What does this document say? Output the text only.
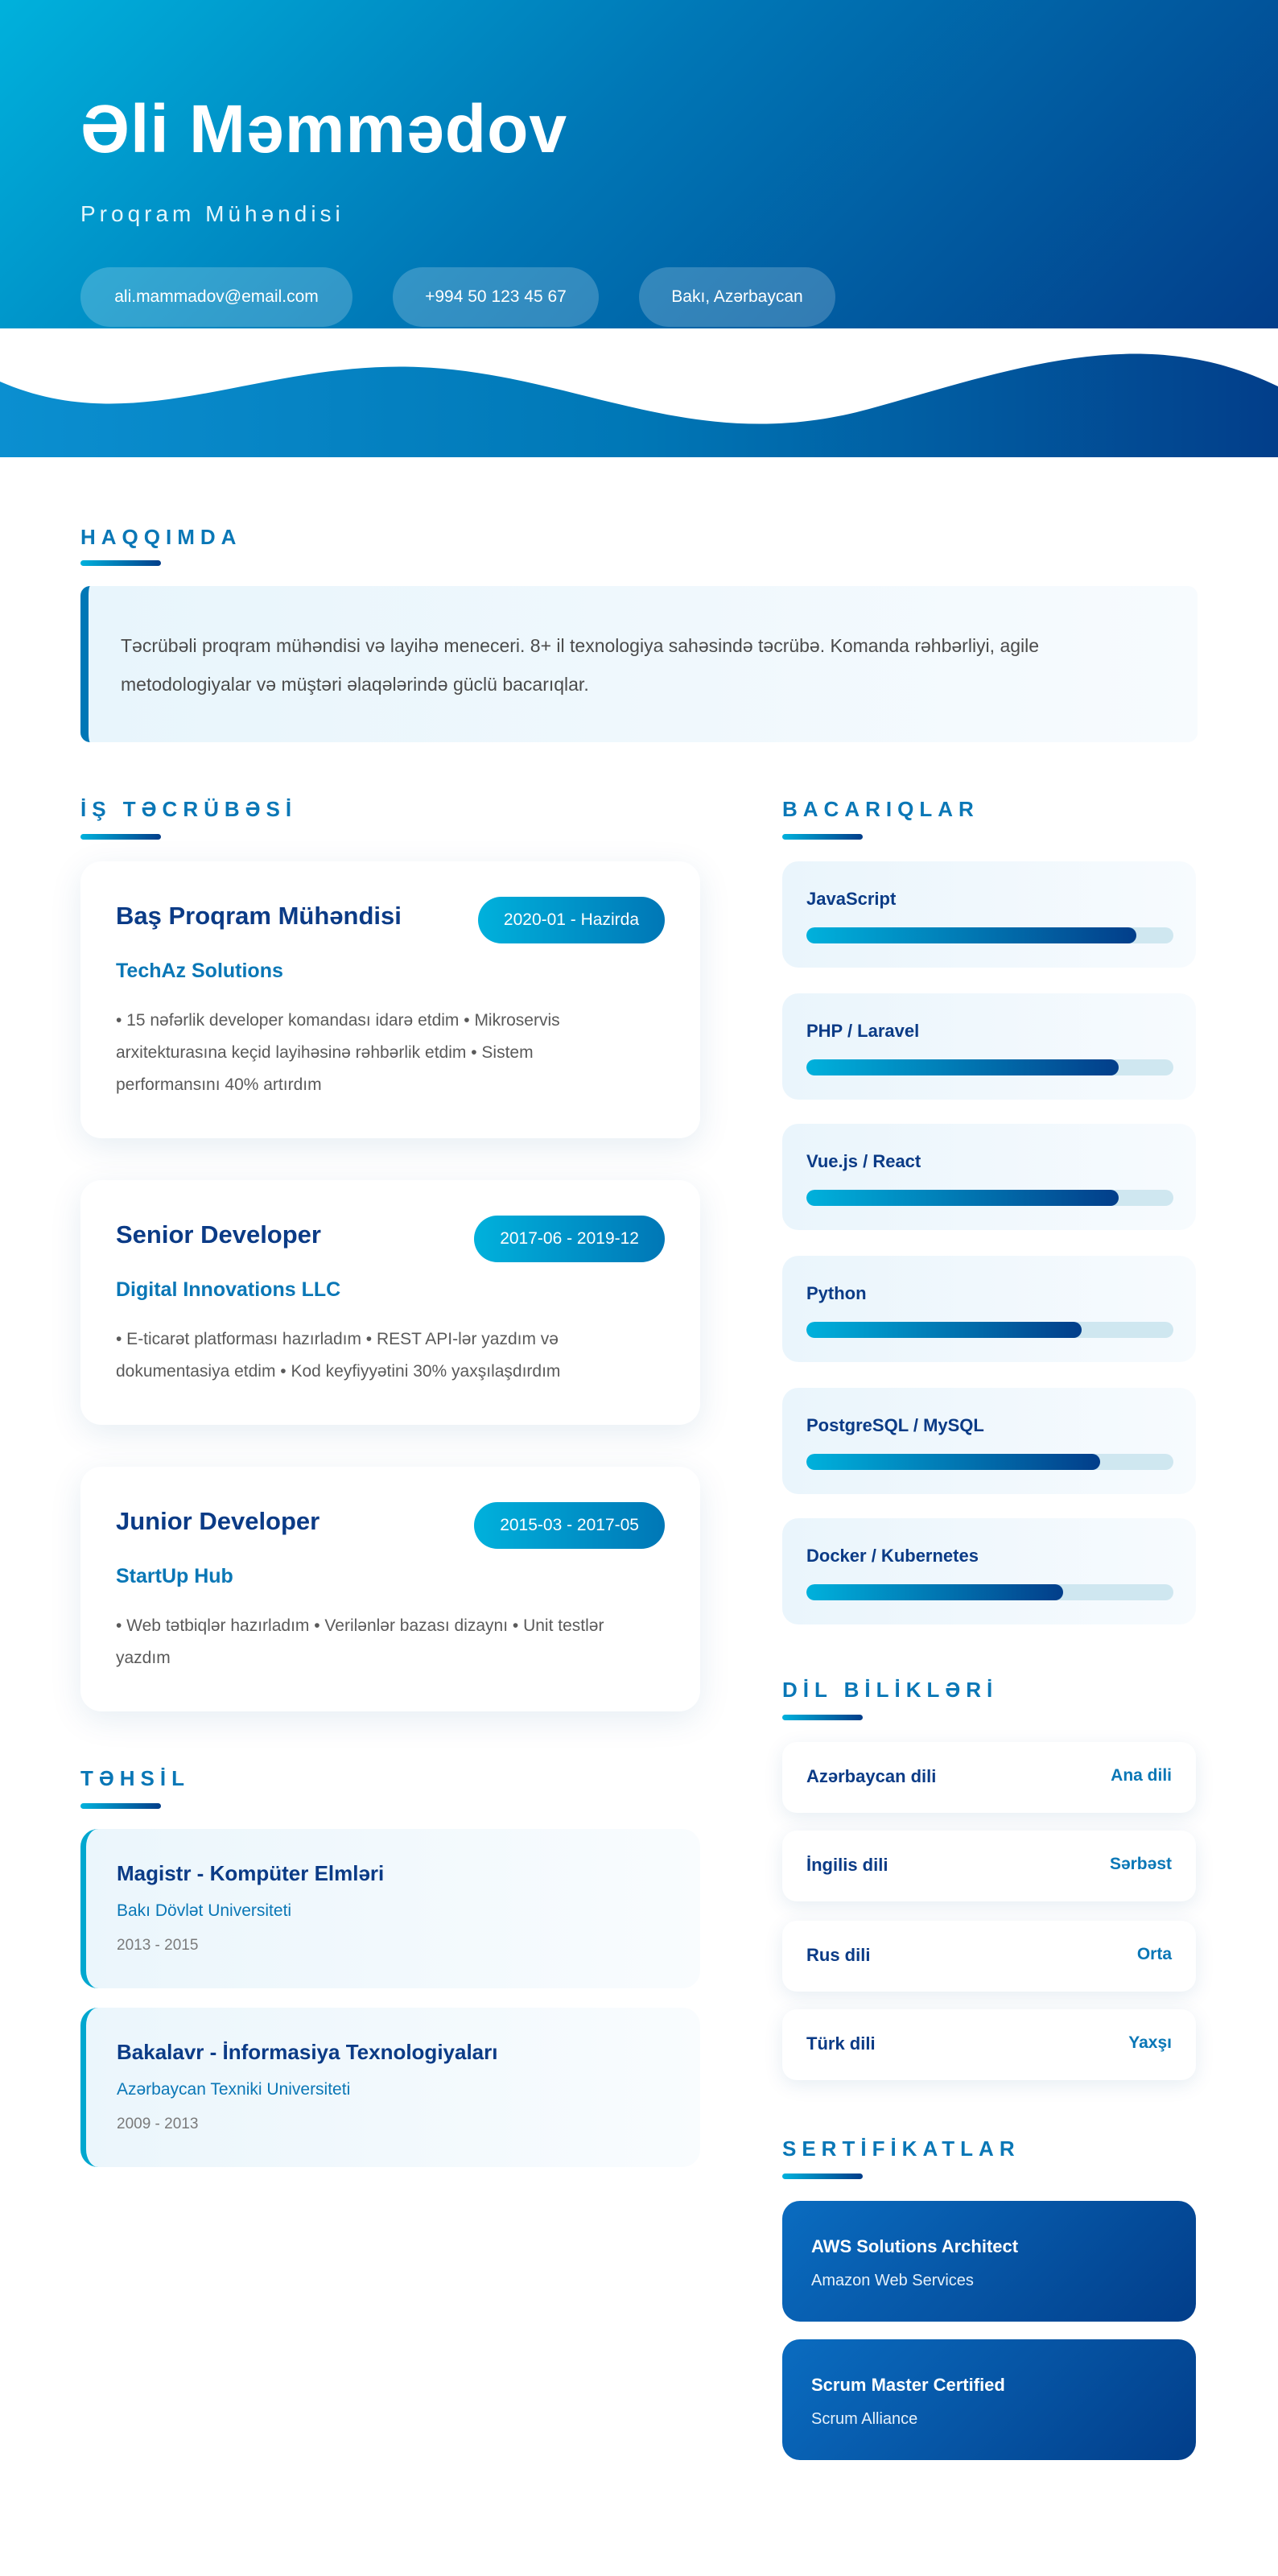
Əli Məmmədov
Proqram Mühəndisi
ali.mammadov@email.com	+994 50 123 45 67	Bakı, Azərbaycan
HAQQIMDA
Təcrübəli proqram mühəndisi və layihə meneceri. 8+ il texnologiya sahəsində təcrübə. Komanda rəhbərliyi, agile metodologiyalar və müştəri əlaqələrində güclü bacarıqlar.
İŞ TƏCRÜBƏSİ
Baş Proqram Mühəndisi	2020-01 - Hazirda
TechAz Solutions
• 15 nəfərlik developer komandası idarə etdim • Mikroservis arxitekturasına keçid layihəsinə rəhbərlik etdim • Sistem performansını 40% artırdım
Senior Developer	2017-06 - 2019-12
Digital Innovations LLC
• E-ticarət platforması hazırladım • REST API-lər yazdım və dokumentasiya etdim • Kod keyfiyyətini 30% yaxşılaşdırdım
Junior Developer	2015-03 - 2017-05
StartUp Hub
• Web tətbiqlər hazırladım • Verilənlər bazası dizaynı • Unit testlər yazdım
TƏHSİL
Magistr - Kompüter Elmləri
Bakı Dövlət Universiteti
2013 - 2015
Bakalavr - İnformasiya Texnologiyaları
Azərbaycan Texniki Universiteti
2009 - 2013
BACARIQLAR
JavaScript
PHP / Laravel
Vue.js / React
Python
PostgreSQL / MySQL
Docker / Kubernetes
DİL BİLİKLƏRİ
Azərbaycan dili	Ana dili
İngilis dili	Sərbəst
Rus dili	Orta
Türk dili	Yaxşı
SERTİFİKATLAR
AWS Solutions Architect
Amazon Web Services
Scrum Master Certified
Scrum Alliance
